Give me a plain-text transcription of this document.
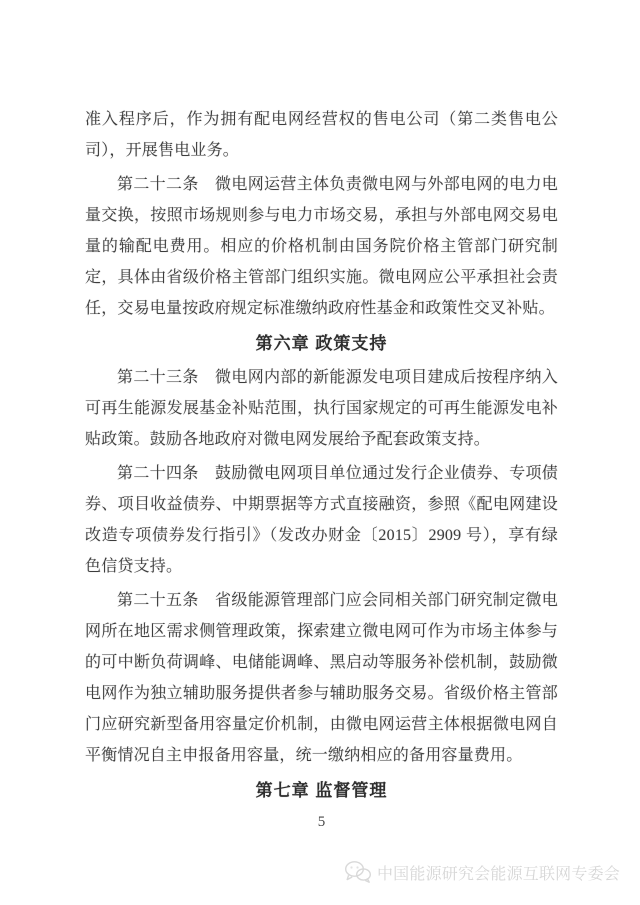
准入程序后，作为拥有配电网经营权的售电公司（第二类售电公司），开展售电业务。
第二十二条　微电网运营主体负责微电网与外部电网的电力电量交换，按照市场规则参与电力市场交易，承担与外部电网交易电量的输配电费用。相应的价格机制由国务院价格主管部门研究制定，具体由省级价格主管部门组织实施。微电网应公平承担社会责任，交易电量按政府规定标准缴纳政府性基金和政策性交叉补贴。
第六章 政策支持
第二十三条　微电网内部的新能源发电项目建成后按程序纳入可再生能源发展基金补贴范围，执行国家规定的可再生能源发电补贴政策。鼓励各地政府对微电网发展给予配套政策支持。
第二十四条　鼓励微电网项目单位通过发行企业债券、专项债券、项目收益债券、中期票据等方式直接融资，参照《配电网建设改造专项债券发行指引》（发改办财金〔2015〕2909 号），享有绿色信贷支持。
第二十五条　省级能源管理部门应会同相关部门研究制定微电网所在地区需求侧管理政策，探索建立微电网可作为市场主体参与的可中断负荷调峰、电储能调峰、黑启动等服务补偿机制，鼓励微电网作为独立辅助服务提供者参与辅助服务交易。省级价格主管部门应研究新型备用容量定价机制，由微电网运营主体根据微电网自平衡情况自主申报备用容量，统一缴纳相应的备用容量费用。
第七章 监督管理
5
中国能源研究会能源互联网专委会
